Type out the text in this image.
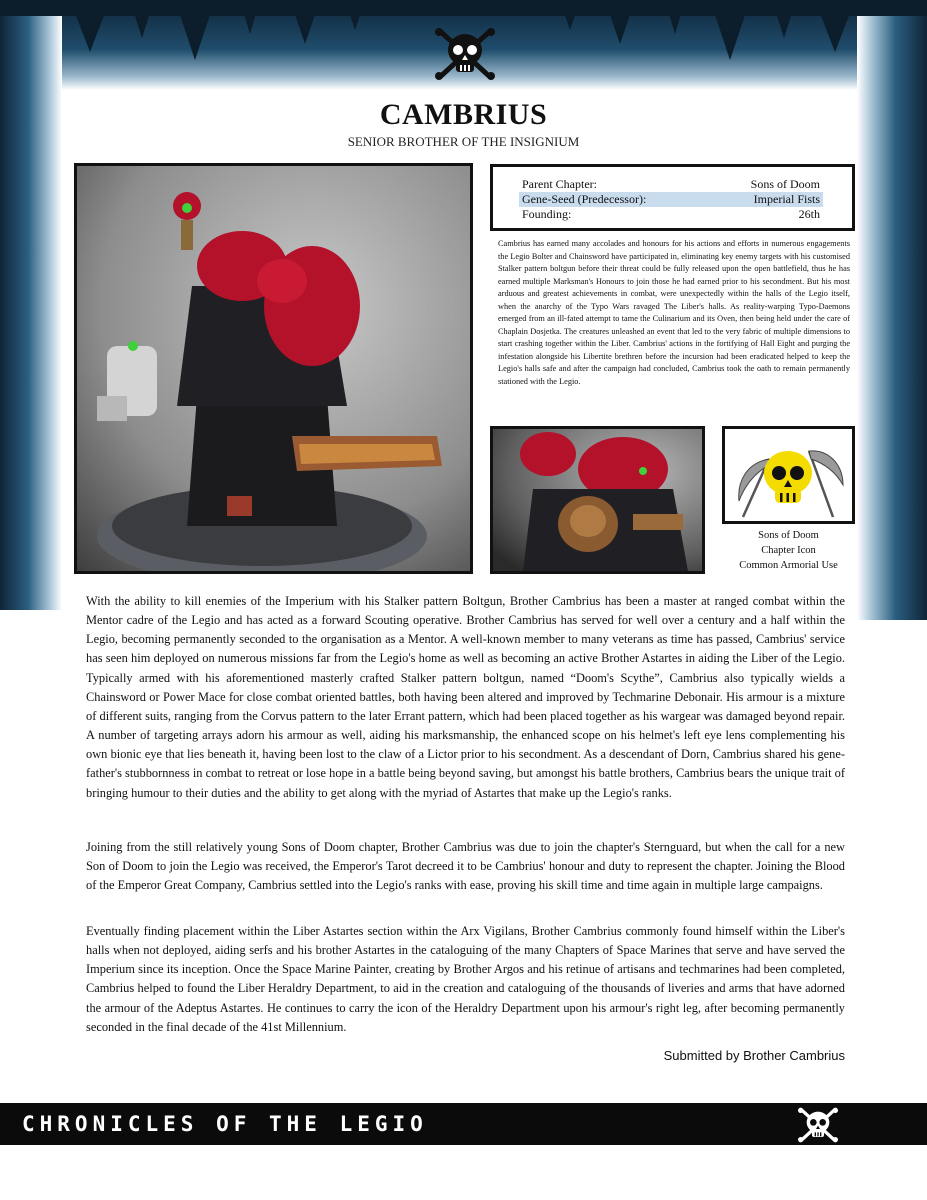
CAMBRIUS
SENIOR BROTHER OF THE INSIGNIUM
Parent Chapter:	Sons of Doom
Gene-Seed (Predecessor):	Imperial Fists
Founding:	26th

Cambrius has earned many accolades and honours for his actions and efforts in numerous engagements the Legio Bolter and Chainsword have participated in, eliminating key enemy targets with his customised Stalker pattern boltgun before their threat could be fully released upon the open battlefield, thus he has earned multiple Marksman's Honours to join those he had earned prior to his secondment. But his most arduous and greatest achievements in combat, were unexpectedly within the halls of the Legio itself, when the anarchy of the Typo Wars ravaged The Liber's halls. As reality-warping Typo-Daemons emerged from an ill-fated attempt to tame the Culinarium and its Oven, then being held under the care of Chaplain Dosjetka. The creatures unleashed an event that led to the very fabric of multiple dimensions to start crashing together within the Liber. Cambrius' actions in the fortifying of Hall Eight and purging the infestation alongside his Libertite brethren before the incursion had been eradicated helped to keep the Legio's halls safe and after the campaign had concluded, Cambrius took the oath to remain permanently stationed with the Legio.

Sons of Doom
Chapter Icon
Common Armorial Use

With the ability to kill enemies of the Imperium with his Stalker pattern Boltgun, Brother Cambrius has been a master at ranged combat within the Mentor cadre of the Legio and has acted as a forward Scouting operative. Brother Cambrius has served for well over a century and a half within the Legio, becoming permanently seconded to the organisation as a Mentor. A well-known member to many veterans as time has passed, Cambrius' service has seen him deployed on numerous missions far from the Legio's home as well as becoming an active Brother Astartes in aiding the Liber of the Legio. Typically armed with his aforementioned masterly crafted Stalker pattern boltgun, named “Doom's Scythe”, Cambrius also typically wields a Chainsword or Power Mace for close combat oriented battles, both having been altered and improved by Techmarine Debonair. His armour is a mixture of different suits, ranging from the Corvus pattern to the later Errant pattern, which had been placed together as his wargear was damaged beyond repair. A number of targeting arrays adorn his armour as well, aiding his marksmanship, the enhanced scope on his helmet's left eye lens complementing his own bionic eye that lies beneath it, having been lost to the claw of a Lictor prior to his secondment. As a descendant of Dorn, Cambrius shared his gene-father's stubbornness in combat to retreat or lose hope in a battle being beyond saving, but amongst his battle brothers, Cambrius bears the unique trait of bringing humour to their duties and the ability to get along with the myriad of Astartes that make up the Legio's ranks.

Joining from the still relatively young Sons of Doom chapter, Brother Cambrius was due to join the chapter's Sternguard, but when the call for a new Son of Doom to join the Legio was received, the Emperor's Tarot decreed it to be Cambrius' honour and duty to represent the chapter. Joining the Blood of the Emperor Great Company, Cambrius settled into the Legio's ranks with ease, proving his skill time and time again in multiple large campaigns.

Eventually finding placement within the Liber Astartes section within the Arx Vigilans, Brother Cambrius commonly found himself within the Liber's halls when not deployed, aiding serfs and his brother Astartes in the cataloguing of the many Chapters of Space Marines that serve and have served the Imperium since its inception. Once the Space Marine Painter, creating by Brother Argos and his retinue of artisans and techmarines had been completed, Cambrius helped to found the Liber Heraldry Department, to aid in the creation and cataloguing of the thousands of liveries and arms that have adorned the armour of the Adeptus Astartes. He continues to carry the icon of the Heraldry Department upon his armour's right leg, after becoming permanently seconded in the final decade of the 41st Millennium.

Submitted by Brother Cambrius
CHRONICLES OF THE LEGIO
